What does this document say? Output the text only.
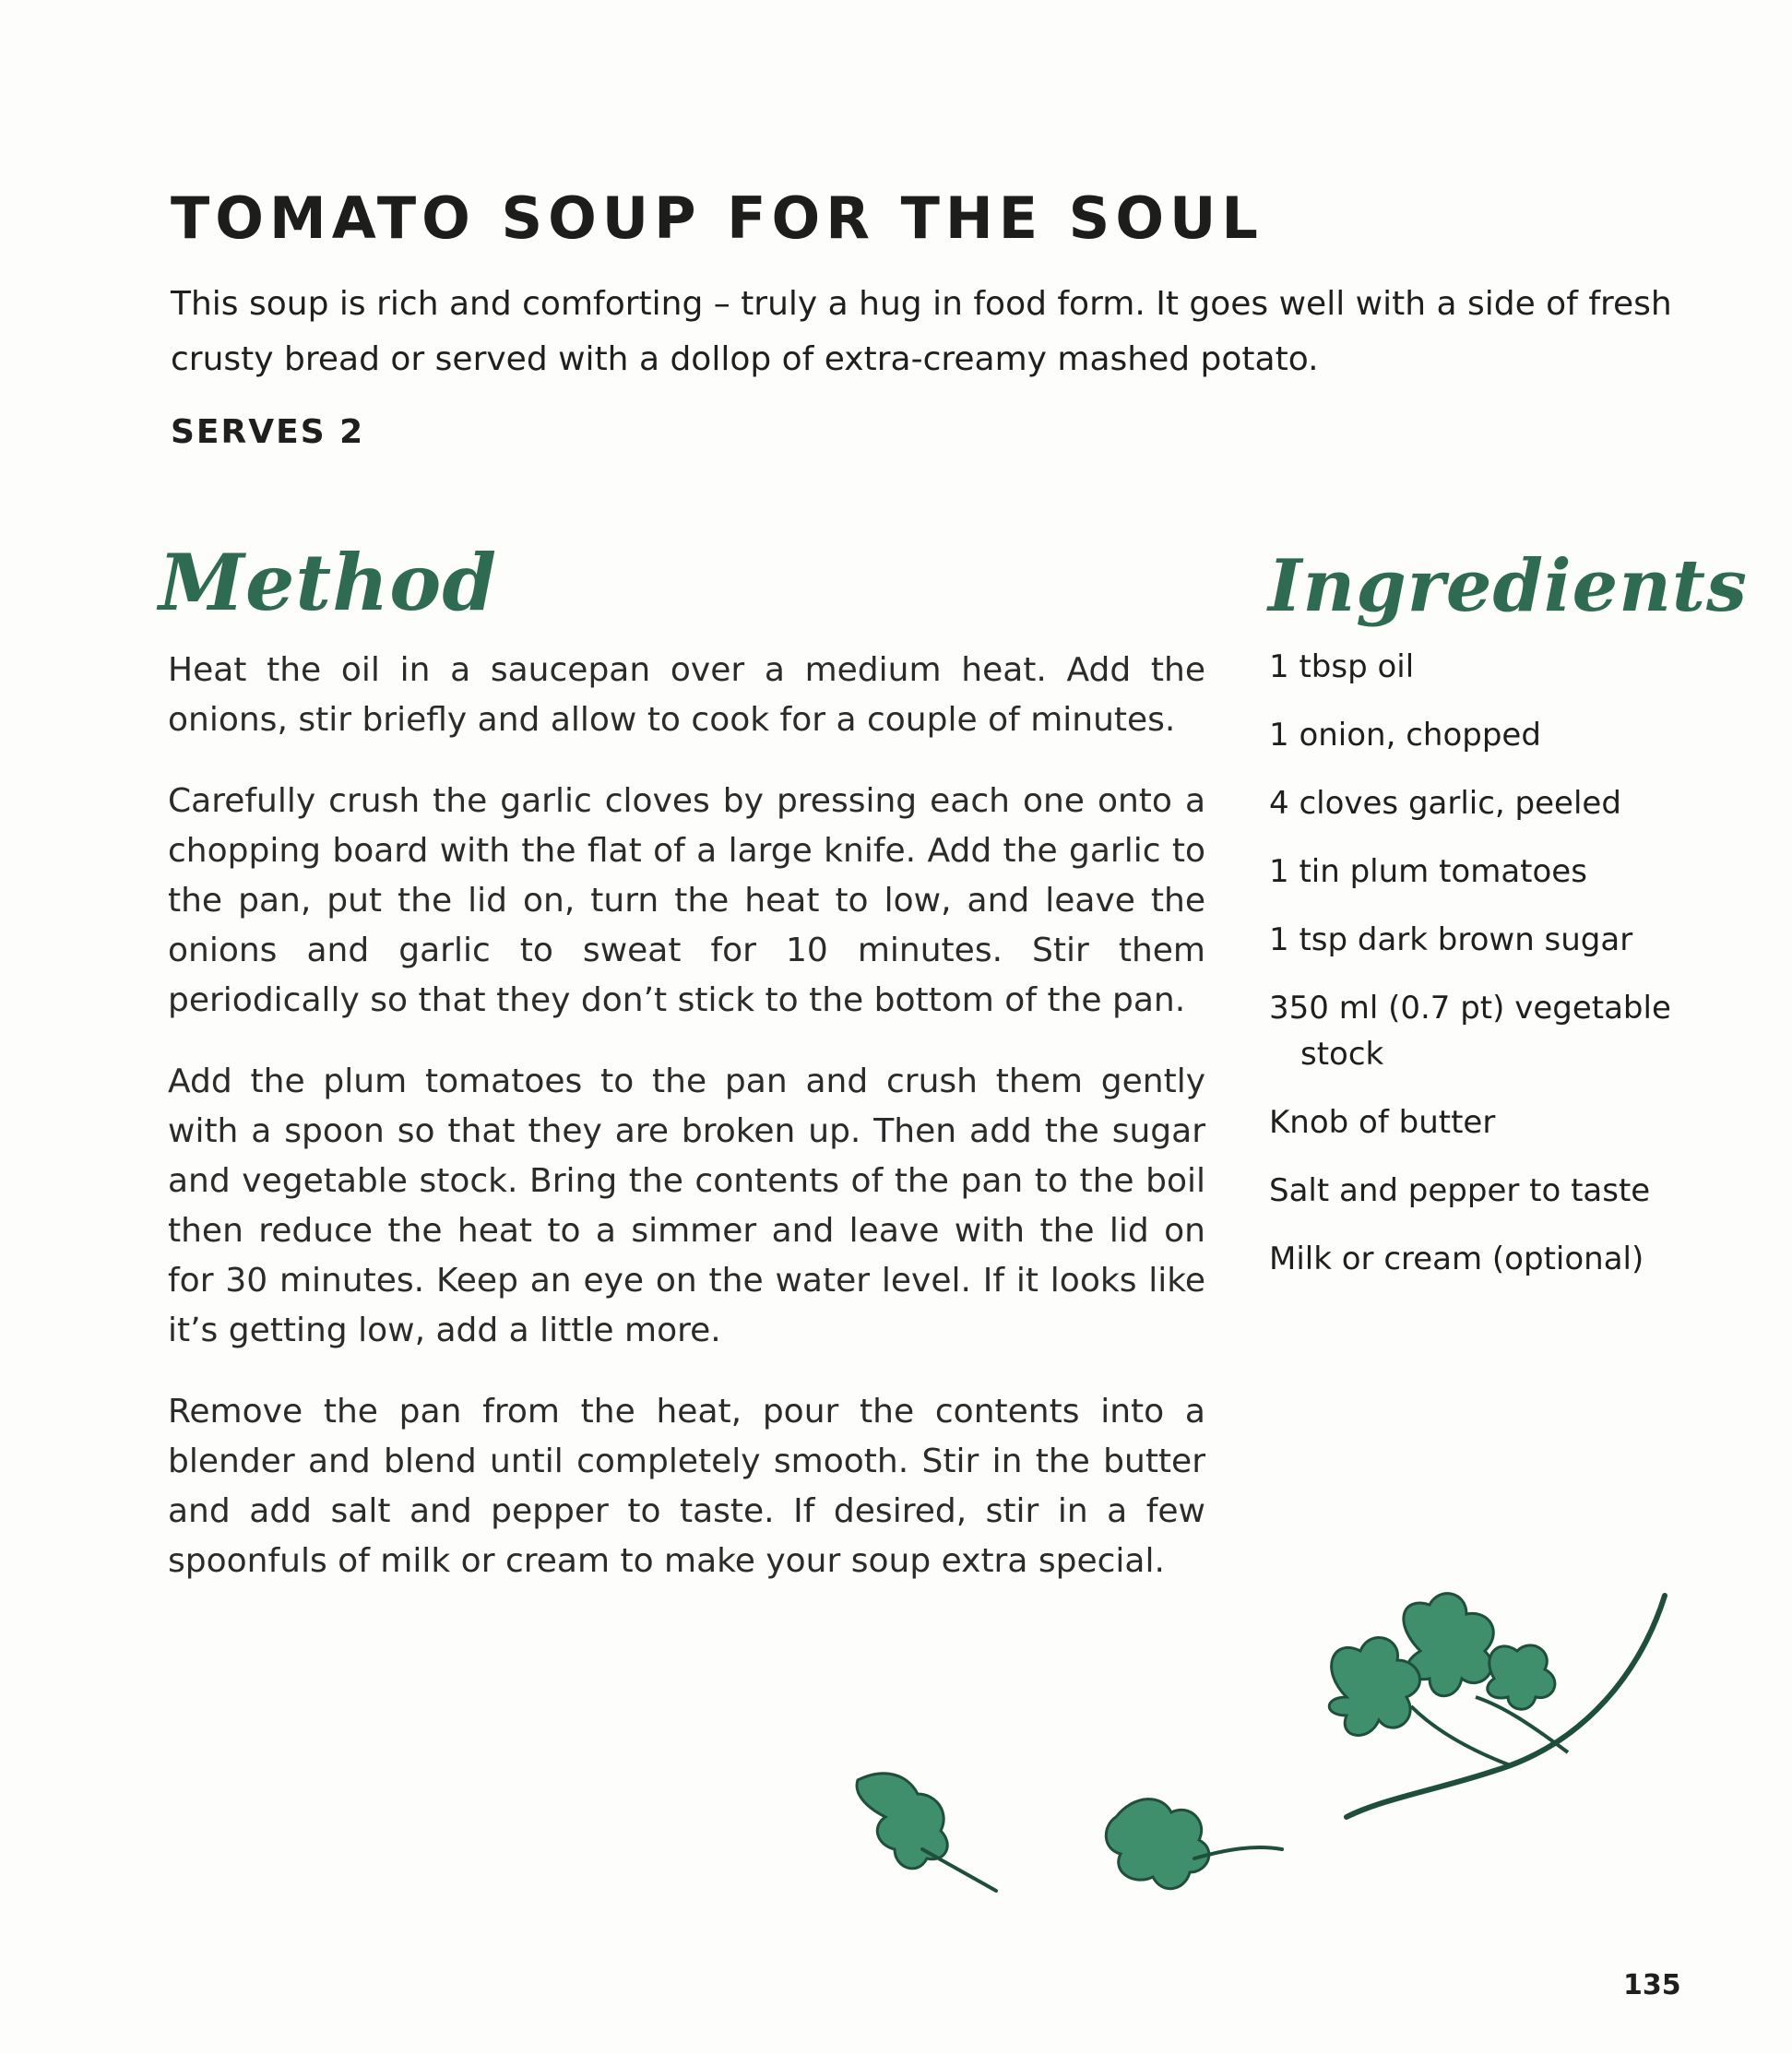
TOMATO SOUP FOR THE SOUL

This soup is rich and comforting – truly a hug in food form. It goes well with a side of fresh crusty bread or served with a dollop of extra-creamy mashed potato.

SERVES 2

Method	Ingredients

Heat the oil in a saucepan over a medium heat. Add the onions, stir briefly and allow to cook for a couple of minutes.

Carefully crush the garlic cloves by pressing each one onto a chopping board with the flat of a large knife. Add the garlic to the pan, put the lid on, turn the heat to low, and leave the onions and garlic to sweat for 10 minutes. Stir them periodically so that they don’t stick to the bottom of the pan.

Add the plum tomatoes to the pan and crush them gently with a spoon so that they are broken up. Then add the sugar and vegetable stock. Bring the contents of the pan to the boil then reduce the heat to a simmer and leave with the lid on for 30 minutes. Keep an eye on the water level. If it looks like it’s getting low, add a little more.

Remove the pan from the heat, pour the contents into a blender and blend until completely smooth. Stir in the butter and add salt and pepper to taste. If desired, stir in a few spoonfuls of milk or cream to make your soup extra special.

1 tbsp oil
1 onion, chopped
4 cloves garlic, peeled
1 tin plum tomatoes
1 tsp dark brown sugar
350 ml (0.7 pt) vegetable stock
Knob of butter
Salt and pepper to taste
Milk or cream (optional)

135
